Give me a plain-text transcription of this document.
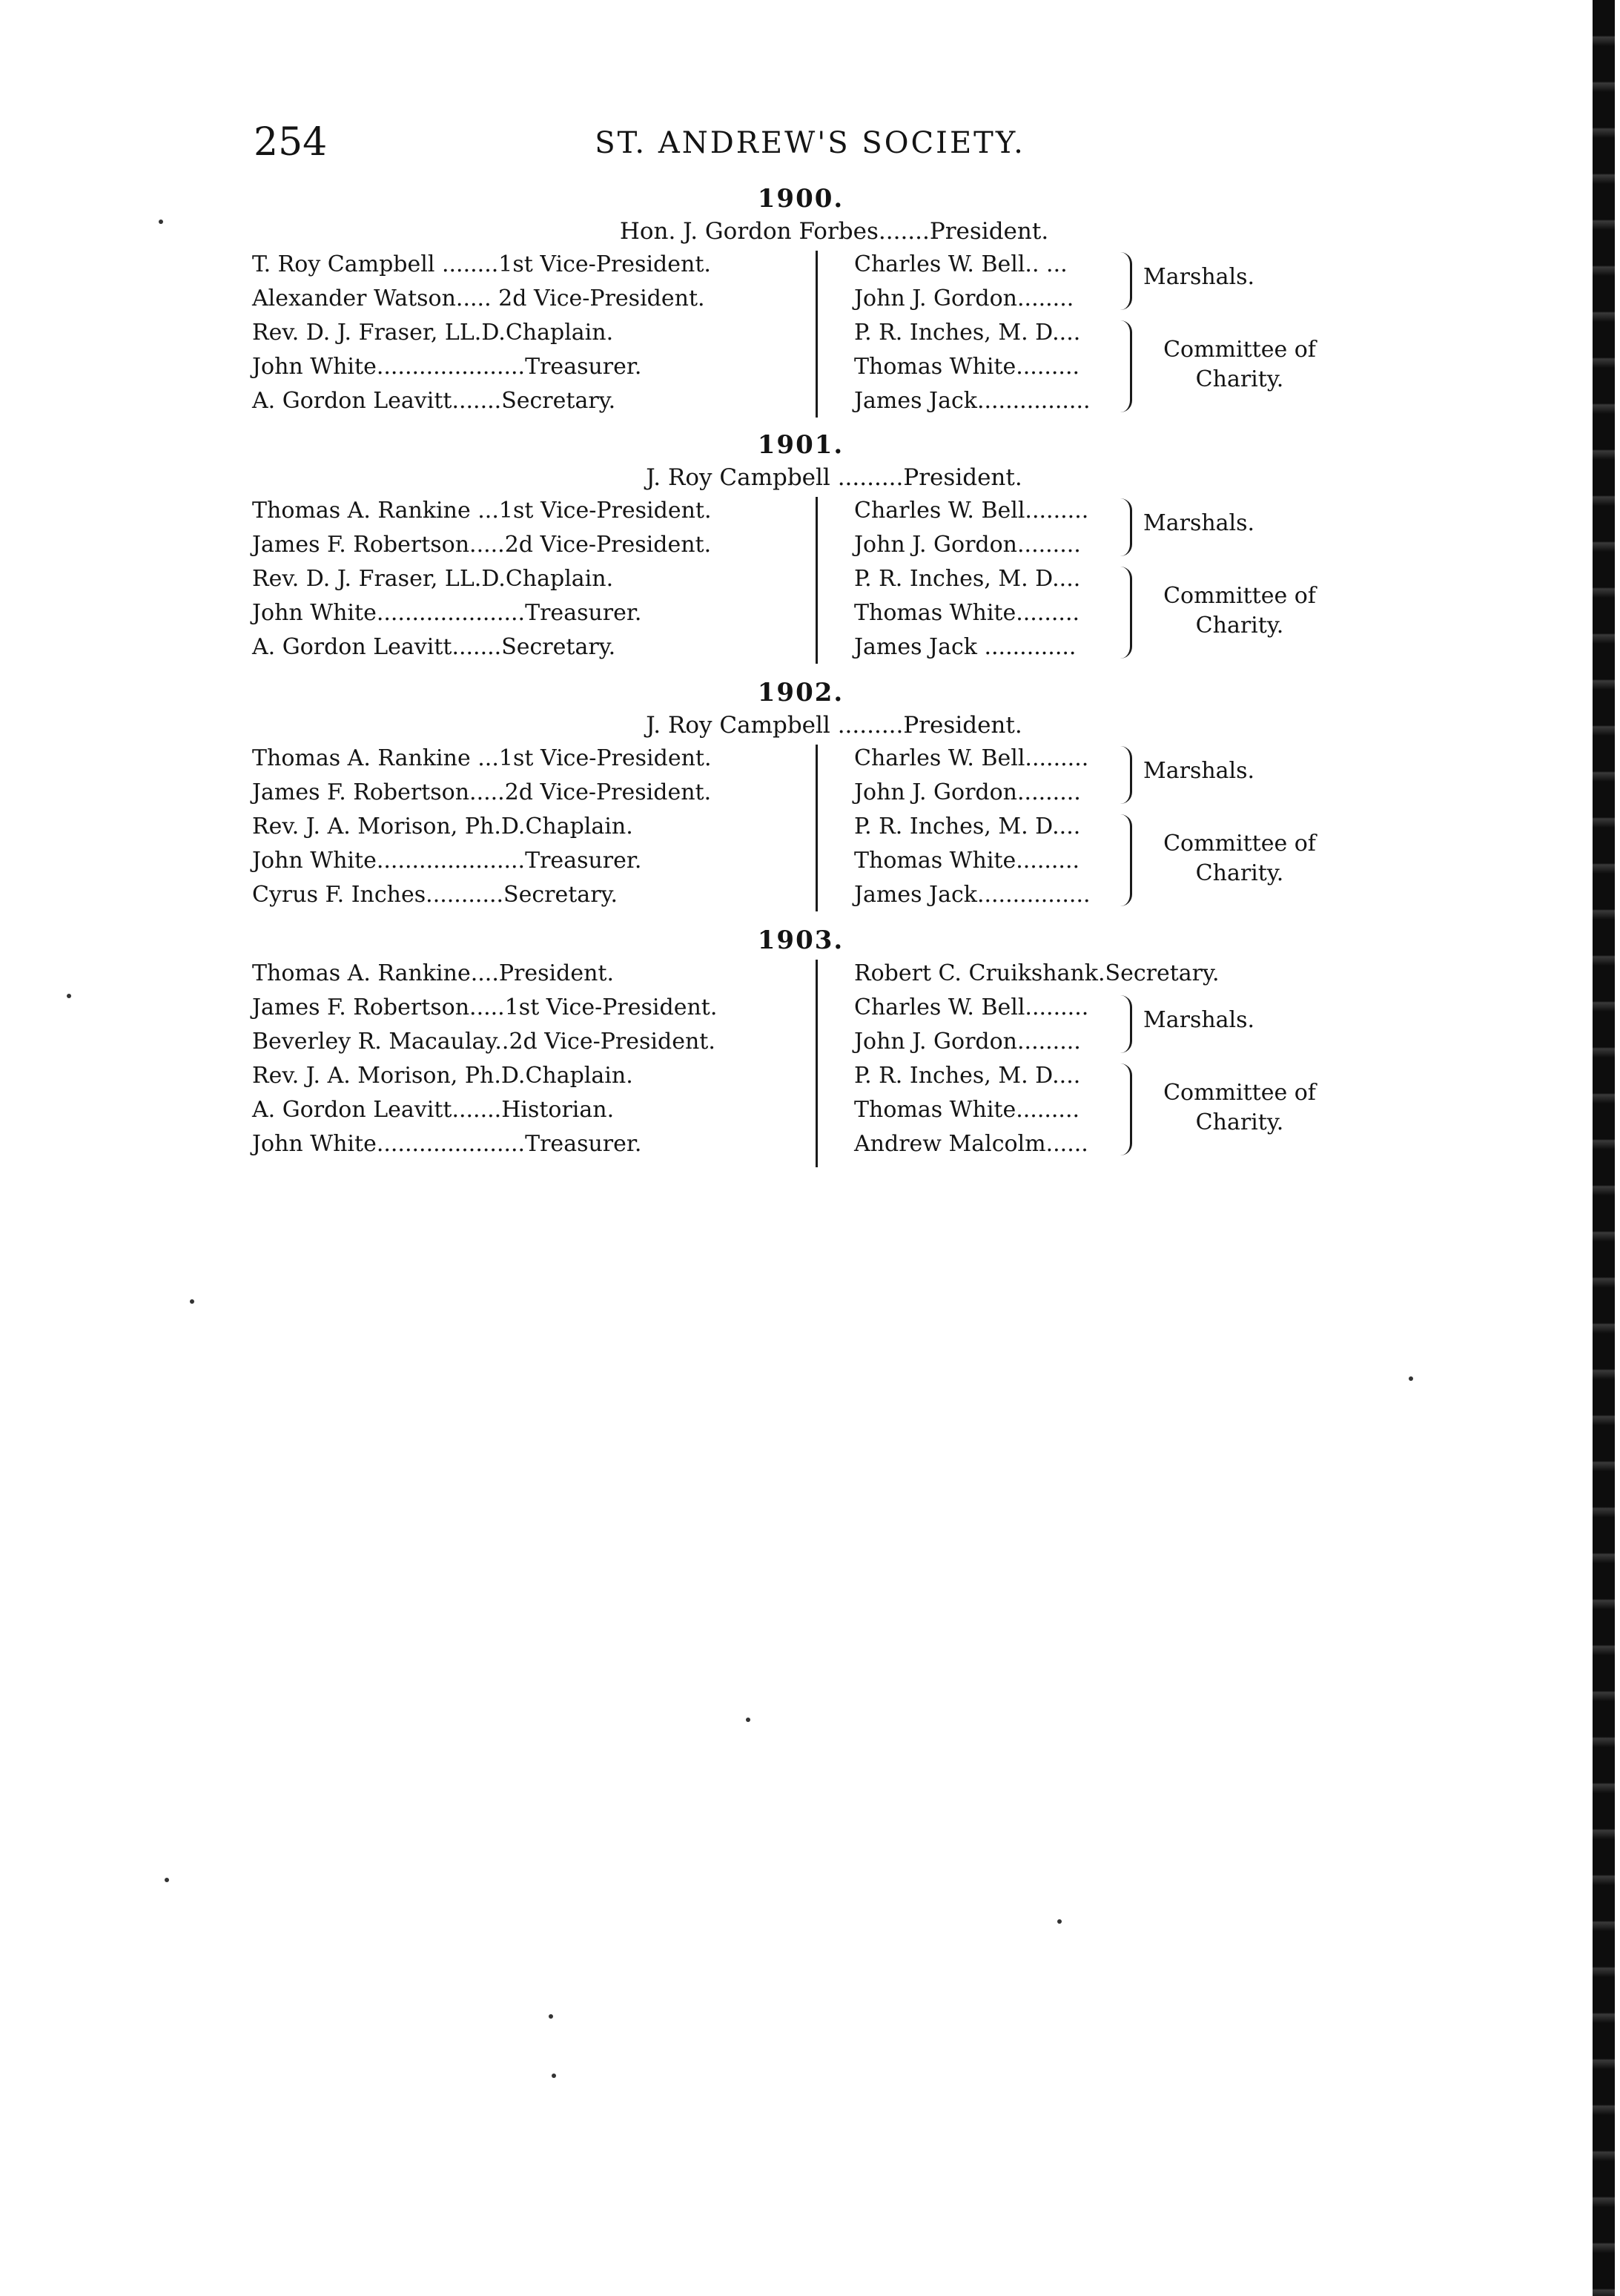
254	ST. ANDREW'S SOCIETY.
1900.
Hon. J. Gordon Forbes.......President.
T. Roy Campbell ........1st Vice-President.
Alexander Watson..... 2d Vice-President.
Rev. D. J. Fraser, LL.D.Chaplain.
John White.....................Treasurer.
A. Gordon Leavitt.......Secretary.
Charles W. Bell.. ...
John J. Gordon........
Marshals.
P. R. Inches, M. D....
Thomas White.........
James Jack................
Committee of
Charity.
1901.
J. Roy Campbell .........President.
Thomas A. Rankine ...1st Vice-President.
James F. Robertson.....2d Vice-President.
Rev. D. J. Fraser, LL.D.Chaplain.
John White.....................Treasurer.
A. Gordon Leavitt.......Secretary.
Charles W. Bell.........
John J. Gordon.........
Marshals.
P. R. Inches, M. D....
Thomas White.........
James Jack .............
Committee of
Charity.
1902.
J. Roy Campbell .........President.
Thomas A. Rankine ...1st Vice-President.
James F. Robertson.....2d Vice-President.
Rev. J. A. Morison, Ph.D.Chaplain.
John White.....................Treasurer.
Cyrus F. Inches...........Secretary.
Charles W. Bell.........
John J. Gordon.........
Marshals.
P. R. Inches, M. D....
Thomas White.........
James Jack................
Committee of
Charity.
1903.
Thomas A. Rankine....President.
James F. Robertson.....1st Vice-President.
Beverley R. Macaulay..2d Vice-President.
Rev. J. A. Morison, Ph.D.Chaplain.
A. Gordon Leavitt.......Historian.
John White.....................Treasurer.
Robert C. Cruikshank.Secretary.
Charles W. Bell.........
John J. Gordon.........
Marshals.
P. R. Inches, M. D....
Thomas White.........
Andrew Malcolm......
Committee of
Charity.
